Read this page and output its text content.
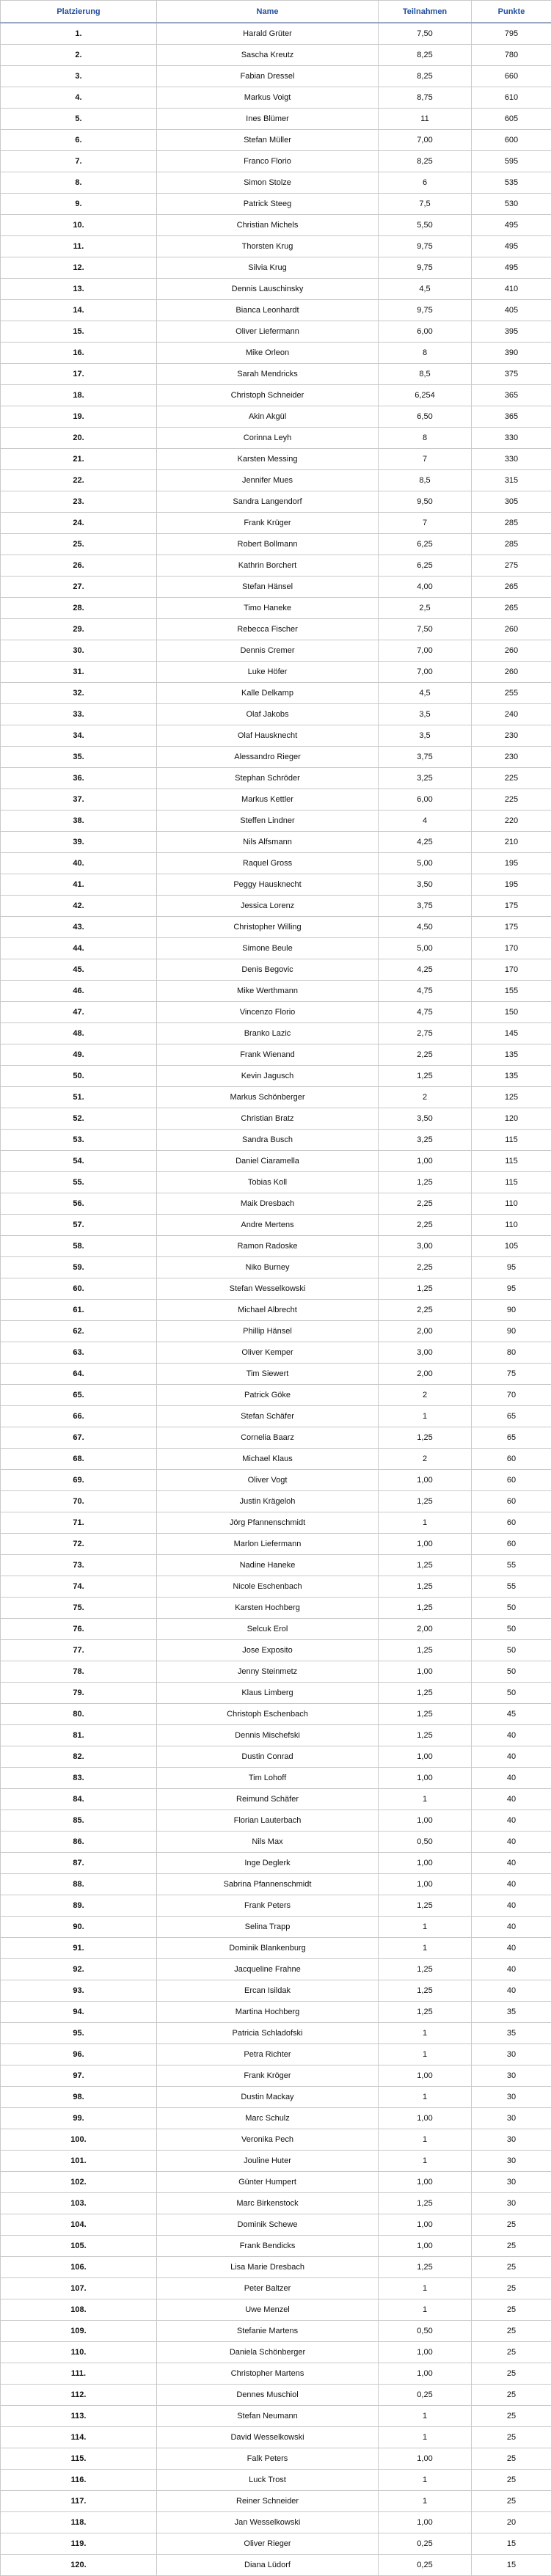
Platzierung	Name	Teilnahmen	Punkte
1.	Harald Grüter	7,50	795
2.	Sascha Kreutz	8,25	780
3.	Fabian Dressel	8,25	660
4.	Markus Voigt	8,75	610
5.	Ines Blümer	11	605
6.	Stefan Müller	7,00	600
7.	Franco Florio	8,25	595
8.	Simon Stolze	6	535
9.	Patrick Steeg	7,5	530
10.	Christian Michels	5,50	495
11.	Thorsten Krug	9,75	495
12.	Silvia Krug	9,75	495
13.	Dennis Lauschinsky	4,5	410
14.	Bianca Leonhardt	9,75	405
15.	Oliver Liefermann	6,00	395
16.	Mike Orleon	8	390
17.	Sarah Mendricks	8,5	375
18.	Christoph Schneider	6,254	365
19.	Akin Akgül	6,50	365
20.	Corinna Leyh	8	330
21.	Karsten Messing	7	330
22.	Jennifer Mues	8,5	315
23.	Sandra Langendorf	9,50	305
24.	Frank Krüger	7	285
25.	Robert Bollmann	6,25	285
26.	Kathrin Borchert	6,25	275
27.	Stefan Hänsel	4,00	265
28.	Timo Haneke	2,5	265
29.	Rebecca Fischer	7,50	260
30.	Dennis Cremer	7,00	260
31.	Luke Höfer	7,00	260
32.	Kalle Delkamp	4,5	255
33.	Olaf Jakobs	3,5	240
34.	Olaf Hausknecht	3,5	230
35.	Alessandro Rieger	3,75	230
36.	Stephan Schröder	3,25	225
37.	Markus Kettler	6,00	225
38.	Steffen Lindner	4	220
39.	Nils Alfsmann	4,25	210
40.	Raquel Gross	5,00	195
41.	Peggy Hausknecht	3,50	195
42.	Jessica Lorenz	3,75	175
43.	Christopher Willing	4,50	175
44.	Simone Beule	5,00	170
45.	Denis Begovic	4,25	170
46.	Mike Werthmann	4,75	155
47.	Vincenzo Florio	4,75	150
48.	Branko Lazic	2,75	145
49.	Frank Wienand	2,25	135
50.	Kevin Jagusch	1,25	135
51.	Markus Schönberger	2	125
52.	Christian Bratz	3,50	120
53.	Sandra Busch	3,25	115
54.	Daniel Ciaramella	1,00	115
55.	Tobias Koll	1,25	115
56.	Maik Dresbach	2,25	110
57.	Andre Mertens	2,25	110
58.	Ramon Radoske	3,00	105
59.	Niko Burney	2,25	95
60.	Stefan Wesselkowski	1,25	95
61.	Michael Albrecht	2,25	90
62.	Phillip Hänsel	2,00	90
63.	Oliver Kemper	3,00	80
64.	Tim Siewert	2,00	75
65.	Patrick Göke	2	70
66.	Stefan Schäfer	1	65
67.	Cornelia Baarz	1,25	65
68.	Michael Klaus	2	60
69.	Oliver Vogt	1,00	60
70.	Justin Krägeloh	1,25	60
71.	Jörg Pfannenschmidt	1	60
72.	Marlon Liefermann	1,00	60
73.	Nadine Haneke	1,25	55
74.	Nicole Eschenbach	1,25	55
75.	Karsten Hochberg	1,25	50
76.	Selcuk Erol	2,00	50
77.	Jose Exposito	1,25	50
78.	Jenny Steinmetz	1,00	50
79.	Klaus Limberg	1,25	50
80.	Christoph Eschenbach	1,25	45
81.	Dennis Mischefski	1,25	40
82.	Dustin Conrad	1,00	40
83.	Tim Lohoff	1,00	40
84.	Reimund Schäfer	1	40
85.	Florian Lauterbach	1,00	40
86.	Nils Max	0,50	40
87.	Inge Deglerk	1,00	40
88.	Sabrina Pfannenschmidt	1,00	40
89.	Frank Peters	1,25	40
90.	Selina Trapp	1	40
91.	Dominik Blankenburg	1	40
92.	Jacqueline Frahne	1,25	40
93.	Ercan Isildak	1,25	40
94.	Martina Hochberg	1,25	35
95.	Patricia Schladofski	1	35
96.	Petra Richter	1	30
97.	Frank Kröger	1,00	30
98.	Dustin Mackay	1	30
99.	Marc Schulz	1,00	30
100.	Veronika Pech	1	30
101.	Jouline Huter	1	30
102.	Günter Humpert	1,00	30
103.	Marc Birkenstock	1,25	30
104.	Dominik Schewe	1,00	25
105.	Frank Bendicks	1,00	25
106.	Lisa Marie Dresbach	1,25	25
107.	Peter Baltzer	1	25
108.	Uwe Menzel	1	25
109.	Stefanie Martens	0,50	25
110.	Daniela Schönberger	1,00	25
111.	Christopher Martens	1,00	25
112.	Dennes Muschiol	0,25	25
113.	Stefan Neumann	1	25
114.	David Wesselkowski	1	25
115.	Falk Peters	1,00	25
116.	Luck Trost	1	25
117.	Reiner Schneider	1	25
118.	Jan Wesselkowski	1,00	20
119.	Oliver Rieger	0,25	15
120.	Diana Lüdorf	0,25	15
